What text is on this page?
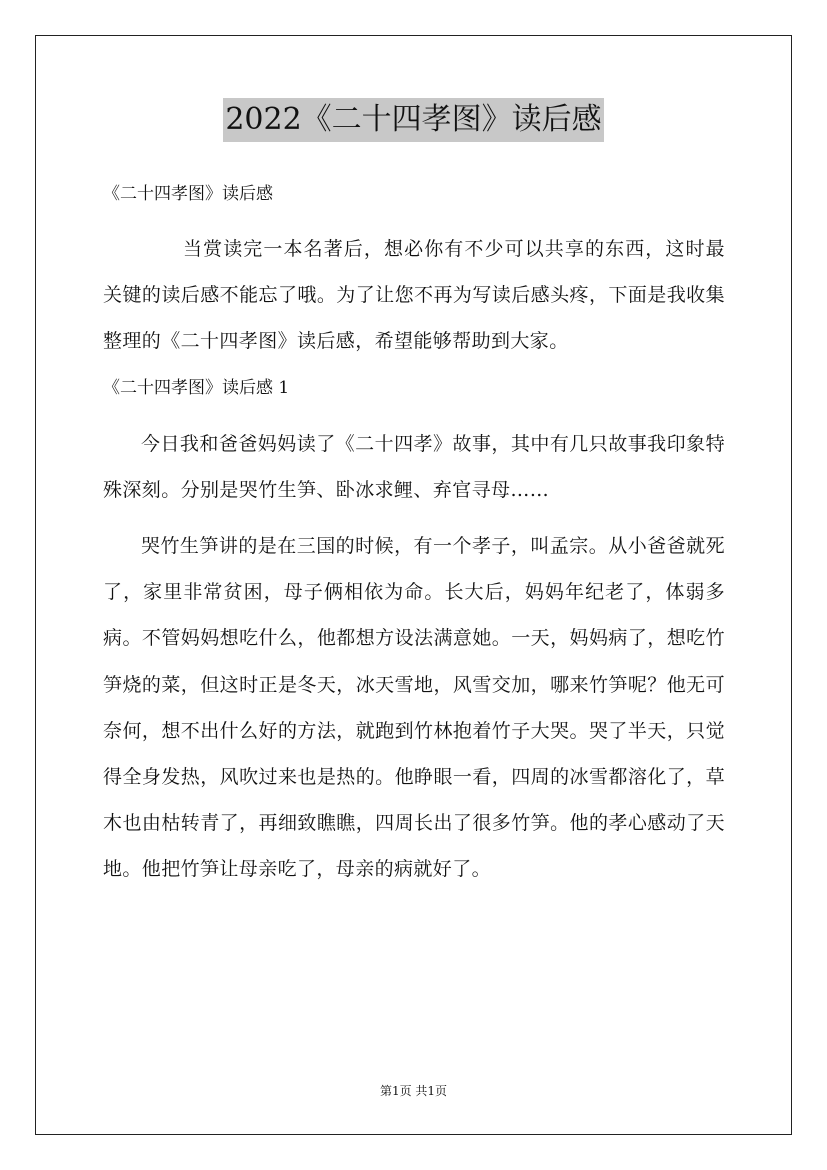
2022《二十四孝图》读后感

《二十四孝图》读后感

当赏读完一本名著后，想必你有不少可以共享的东西，这时最关键的读后感不能忘了哦。为了让您不再为写读后感头疼，下面是我收集整理的《二十四孝图》读后感，希望能够帮助到大家。

《二十四孝图》读后感 1

今日我和爸爸妈妈读了《二十四孝》故事，其中有几只故事我印象特殊深刻。分别是哭竹生笋、卧冰求鲤、弃官寻母……

哭竹生笋讲的是在三国的时候，有一个孝子，叫孟宗。从小爸爸就死了，家里非常贫困，母子俩相依为命。长大后，妈妈年纪老了，体弱多病。不管妈妈想吃什么，他都想方设法满意她。一天，妈妈病了，想吃竹笋烧的菜，但这时正是冬天，冰天雪地，风雪交加，哪来竹笋呢？他无可奈何，想不出什么好的方法，就跑到竹林抱着竹子大哭。哭了半天，只觉得全身发热，风吹过来也是热的。他睁眼一看，四周的冰雪都溶化了，草木也由枯转青了，再细致瞧瞧，四周长出了很多竹笋。他的孝心感动了天地。他把竹笋让母亲吃了，母亲的病就好了。

第1页 共1页
